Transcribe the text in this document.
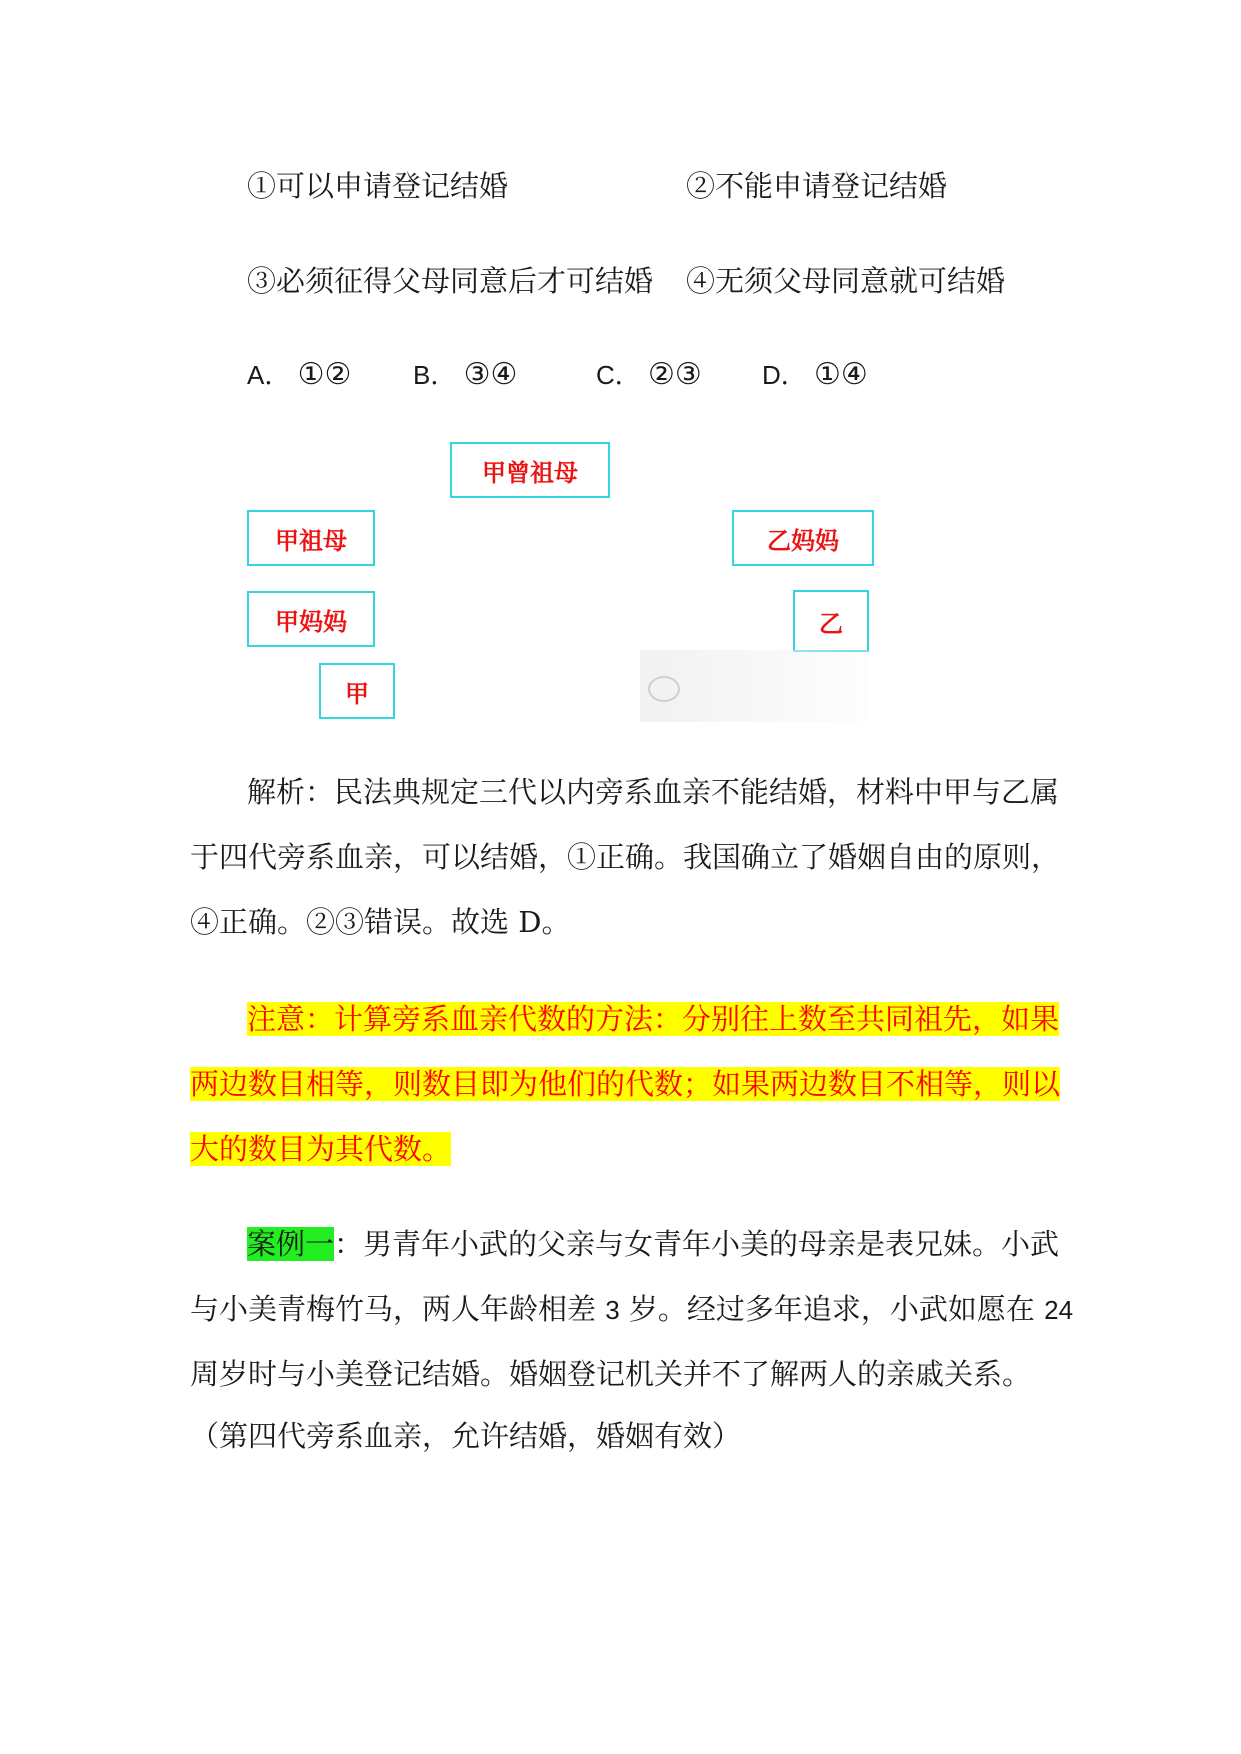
①可以申请登记结婚	②不能申请登记结婚
③必须征得父母同意后才可结婚 ④无须父母同意就可结婚
A． ①② B． ③④	C． ②③ D． ①④
甲曾祖母
甲祖母
甲妈妈
甲
乙妈妈
乙
解析：民法典规定三代以内旁系血亲不能结婚，材料中甲与乙属
于四代旁系血亲，可以结婚，①正确。我国确立了婚姻自由的原则，
④正确。②③错误。故选 D。
注意：计算旁系血亲代数的方法：分别往上数至共同祖先，如果
两边数目相等，则数目即为他们的代数；如果两边数目不相等，则以
大的数目为其代数。
案例一：男青年小武的父亲与女青年小美的母亲是表兄妹。小武
与小美青梅竹马，两人年龄相差 3 岁。经过多年追求，小武如愿在 24
周岁时与小美登记结婚。婚姻登记机关并不了解两人的亲戚关系。
（第四代旁系血亲，允许结婚，婚姻有效）
